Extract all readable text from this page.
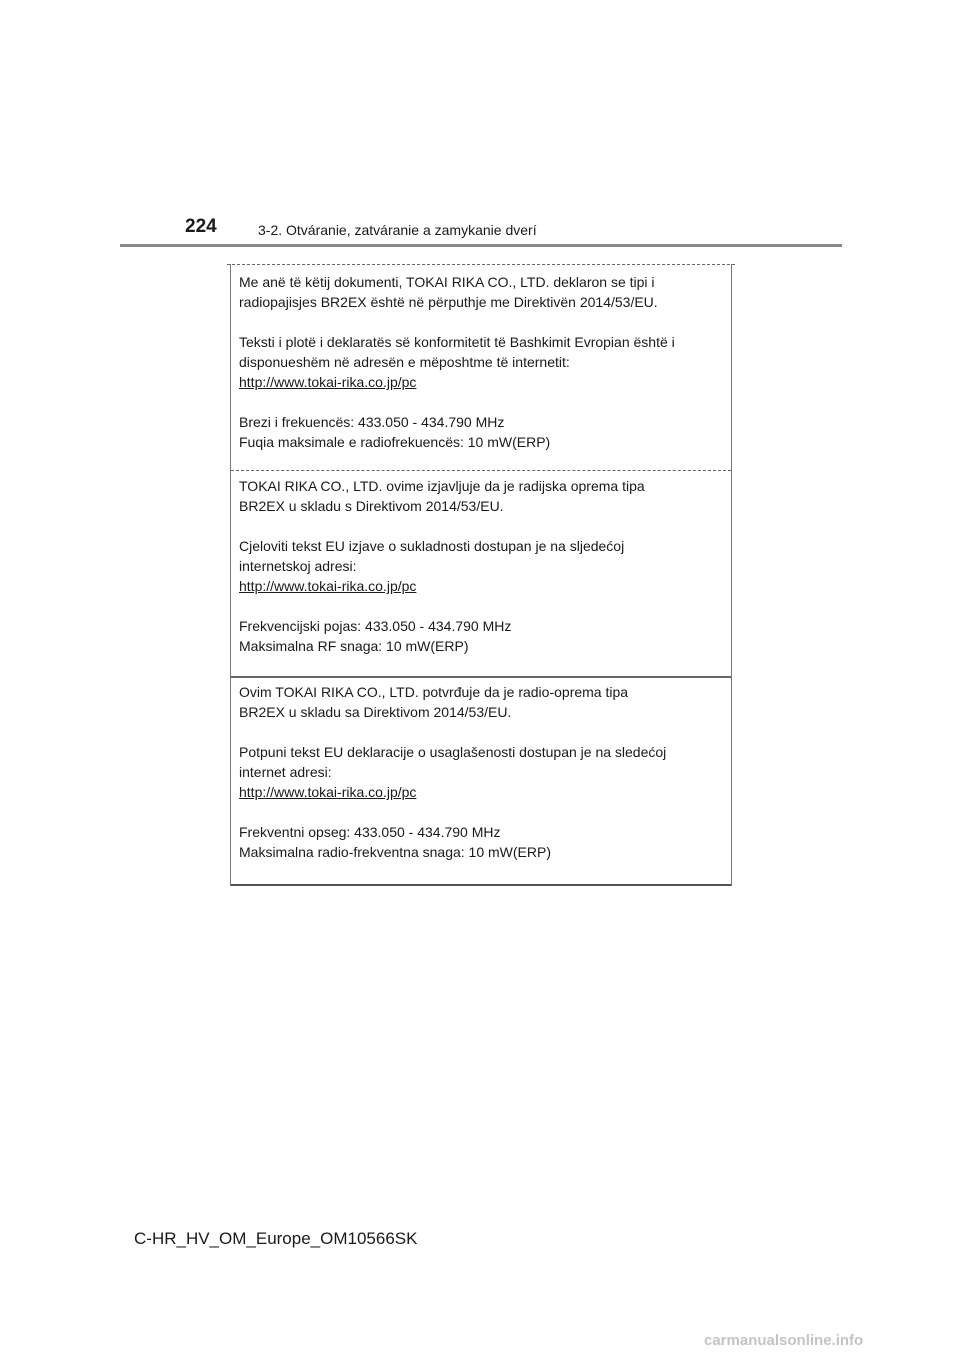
224	3-2. Otváranie, zatváranie a zamykanie dverí
Me anë të këtij dokumenti, TOKAI RIKA CO., LTD. deklaron se tipi i
radiopajisjes BR2EX është në përputhje me Direktivën 2014/53/EU.
Teksti i plotë i deklaratës së konformitetit të Bashkimit Evropian është i
disponueshëm në adresën e mëposhtme të internetit:
http://www.tokai-rika.co.jp/pc
Brezi i frekuencës: 433.050 - 434.790 MHz
Fuqia maksimale e radiofrekuencës: 10 mW(ERP)
TOKAI RIKA CO., LTD. ovime izjavljuje da je radijska oprema tipa
BR2EX u skladu s Direktivom 2014/53/EU.
Cjeloviti tekst EU izjave o sukladnosti dostupan je na sljedećoj
internetskoj adresi:
http://www.tokai-rika.co.jp/pc
Frekvencijski pojas: 433.050 - 434.790 MHz
Maksimalna RF snaga: 10 mW(ERP)
Ovim TOKAI RIKA CO., LTD. potvrđuje da je radio-oprema tipa
BR2EX u skladu sa Direktivom 2014/53/EU.
Potpuni tekst EU deklaracije o usaglašenosti dostupan je na sledećoj
internet adresi:
http://www.tokai-rika.co.jp/pc
Frekventni opseg: 433.050 - 434.790 MHz
Maksimalna radio-frekventna snaga: 10 mW(ERP)
C-HR_HV_OM_Europe_OM10566SK
carmanualsonline.info
